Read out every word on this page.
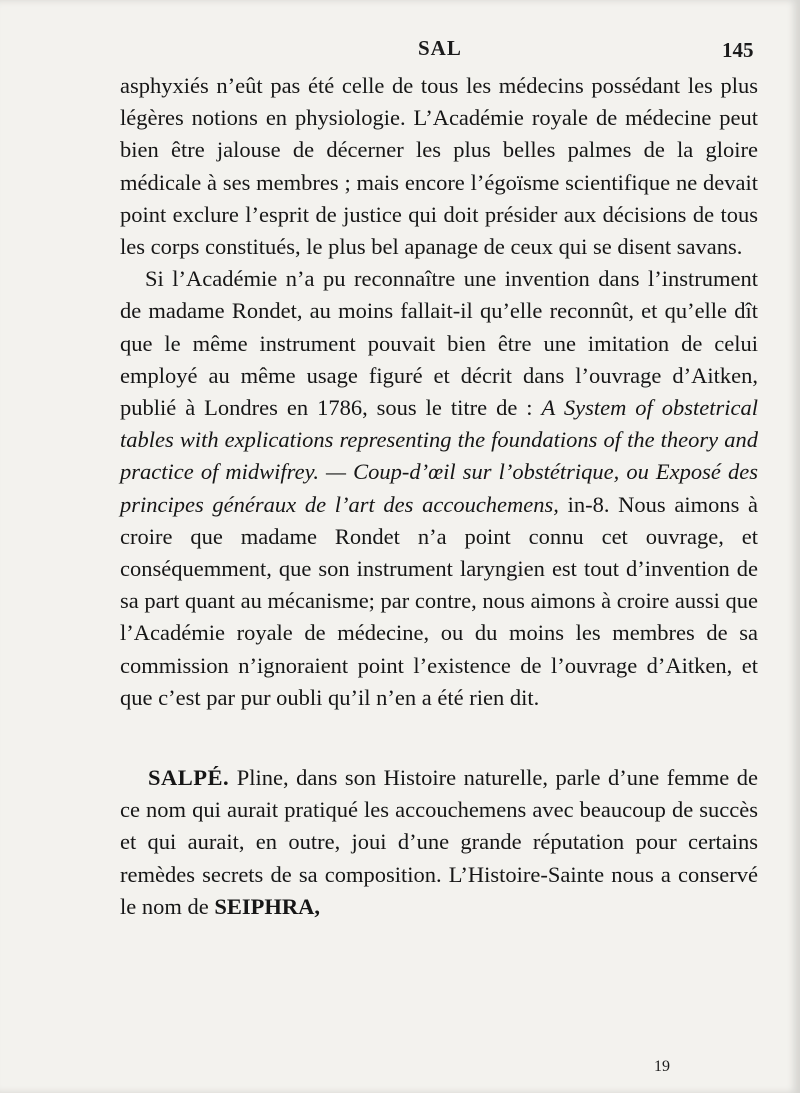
SAL	145

asphyxiés n’eût pas été celle de tous les médecins possédant les plus légères notions en physiologie. L’Académie royale de médecine peut bien être jalouse de décerner les plus belles palmes de la gloire médicale à ses membres ; mais encore l’égoïsme scientifique ne devait point exclure l’esprit de justice qui doit présider aux décisions de tous les corps constitués, le plus bel apanage de ceux qui se disent savans.

Si l’Académie n’a pu reconnaître une invention dans l’instrument de madame Rondet, au moins fallait-il qu’elle reconnût, et qu’elle dît que le même instrument pouvait bien être une imitation de celui employé au même usage figuré et décrit dans l’ouvrage d’Aitken, publié à Londres en 1786, sous le titre de : A System of obstetrical tables with explications representing the foundations of the theory and practice of midwifrey. — Coup-d’œil sur l’obstétrique, ou Exposé des principes généraux de l’art des accouchemens, in-8. Nous aimons à croire que madame Rondet n’a point connu cet ouvrage, et conséquemment, que son instrument laryngien est tout d’invention de sa part quant au mécanisme; par contre, nous aimons à croire aussi que l’Académie royale de médecine, ou du moins les membres de sa commission n’ignoraient point l’existence de l’ouvrage d’Aitken, et que c’est par pur oubli qu’il n’en a été rien dit.

SALPÉ. Pline, dans son Histoire naturelle, parle d’une femme de ce nom qui aurait pratiqué les accouchemens avec beaucoup de succès et qui aurait, en outre, joui d’une grande réputation pour certains remèdes secrets de sa composition. L’Histoire-Sainte nous a conservé le nom de SEIPHRA,

19
